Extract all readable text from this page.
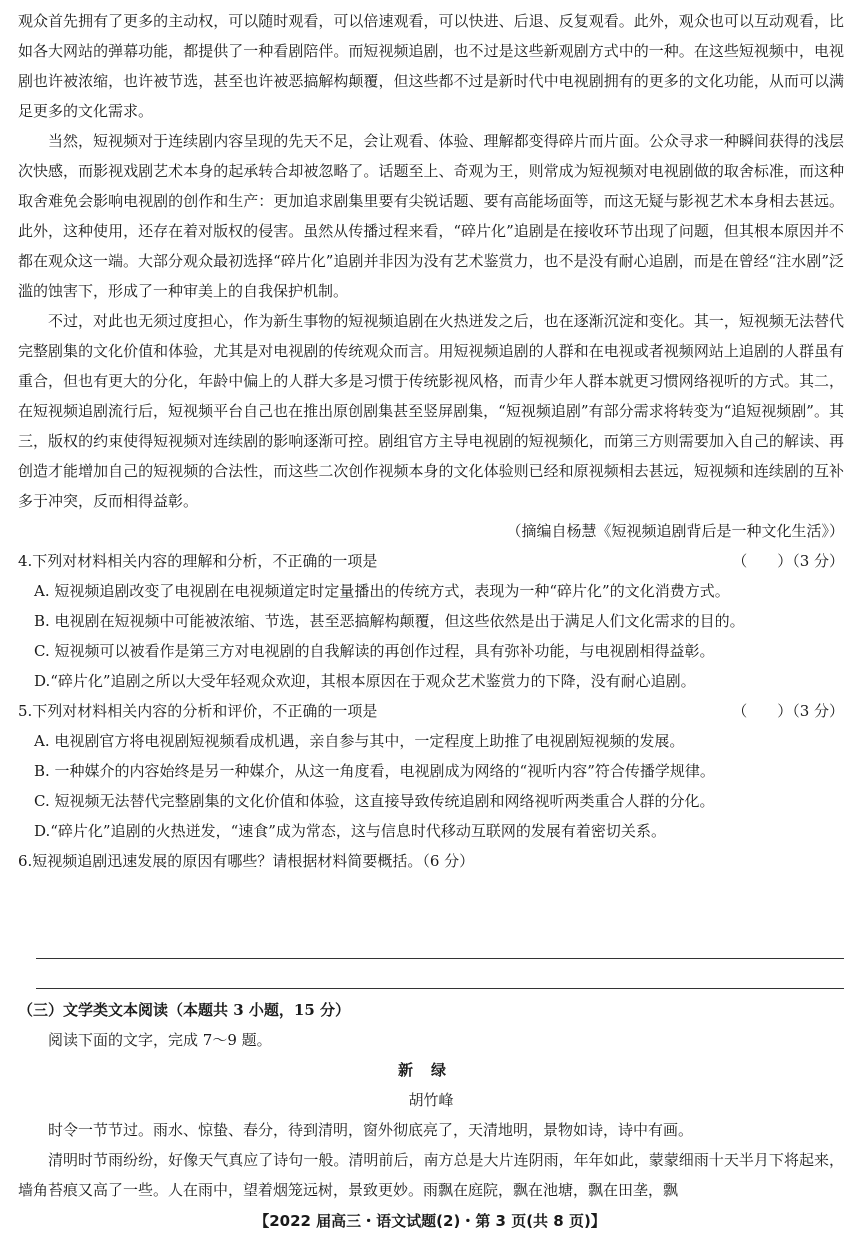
观众首先拥有了更多的主动权，可以随时观看，可以倍速观看，可以快进、后退、反复观看。此外，观众也可以互动观看，比如各大网站的弹幕功能，都提供了一种看剧陪伴。而短视频追剧，也不过是这些新观剧方式中的一种。在这些短视频中，电视剧也许被浓缩，也许被节选，甚至也许被恶搞解构颠覆，但这些都不过是新时代中电视剧拥有的更多的文化功能，从而可以满足更多的文化需求。

当然，短视频对于连续剧内容呈现的先天不足，会让观看、体验、理解都变得碎片而片面。公众寻求一种瞬间获得的浅层次快感，而影视戏剧艺术本身的起承转合却被忽略了。话题至上、奇观为王，则常成为短视频对电视剧做的取舍标准，而这种取舍难免会影响电视剧的创作和生产：更加追求剧集里要有尖锐话题、要有高能场面等，而这无疑与影视艺术本身相去甚远。此外，这种使用，还存在着对版权的侵害。虽然从传播过程来看，“碎片化”追剧是在接收环节出现了问题，但其根本原因并不都在观众这一端。大部分观众最初选择“碎片化”追剧并非因为没有艺术鉴赏力，也不是没有耐心追剧，而是在曾经“注水剧”泛滥的蚀害下，形成了一种审美上的自我保护机制。

不过，对此也无须过度担心，作为新生事物的短视频追剧在火热迸发之后，也在逐渐沉淀和变化。其一，短视频无法替代完整剧集的文化价值和体验，尤其是对电视剧的传统观众而言。用短视频追剧的人群和在电视或者视频网站上追剧的人群虽有重合，但也有更大的分化，年龄中偏上的人群大多是习惯于传统影视风格，而青少年人群本就更习惯网络视听的方式。其二，在短视频追剧流行后，短视频平台自己也在推出原创剧集甚至竖屏剧集，“短视频追剧”有部分需求将转变为“追短视频剧”。其三，版权的约束使得短视频对连续剧的影响逐渐可控。剧组官方主导电视剧的短视频化，而第三方则需要加入自己的解读、再创造才能增加自己的短视频的合法性，而这些二次创作视频本身的文化体验则已经和原视频相去甚远，短视频和连续剧的互补多于冲突，反而相得益彰。

（摘编自杨慧《短视频追剧背后是一种文化生活》）

4.下列对材料相关内容的理解和分析，不正确的一项是	（　　）（3 分）

A. 短视频追剧改变了电视剧在电视频道定时定量播出的传统方式，表现为一种“碎片化”的文化消费方式。

B. 电视剧在短视频中可能被浓缩、节选，甚至恶搞解构颠覆，但这些依然是出于满足人们文化需求的目的。

C. 短视频可以被看作是第三方对电视剧的自我解读的再创作过程，具有弥补功能，与电视剧相得益彰。

D.“碎片化”追剧之所以大受年轻观众欢迎，其根本原因在于观众艺术鉴赏力的下降，没有耐心追剧。

5.下列对材料相关内容的分析和评价，不正确的一项是	（　　）（3 分）

A. 电视剧官方将电视剧短视频看成机遇，亲自参与其中，一定程度上助推了电视剧短视频的发展。

B. 一种媒介的内容始终是另一种媒介，从这一角度看，电视剧成为网络的“视听内容”符合传播学规律。

C. 短视频无法替代完整剧集的文化价值和体验，这直接导致传统追剧和网络视听两类重合人群的分化。

D.“碎片化”追剧的火热迸发，“速食”成为常态，这与信息时代移动互联网的发展有着密切关系。

6.短视频追剧迅速发展的原因有哪些？请根据材料简要概括。（6 分）

（三）文学类文本阅读（本题共 3 小题，15 分）

阅读下面的文字，完成 7～9 题。

新绿

胡竹峰

时令一节节过。雨水、惊蛰、春分，待到清明，窗外彻底亮了，天清地明，景物如诗，诗中有画。

清明时节雨纷纷，好像天气真应了诗句一般。清明前后，南方总是大片连阴雨，年年如此，蒙蒙细雨十天半月下将起来，墙角苔痕又高了一些。人在雨中，望着烟笼远树，景致更妙。雨飘在庭院，飘在池塘，飘在田垄，飘

【2022 届高三・语文试题(2)・第 3 页(共 8 页)】
